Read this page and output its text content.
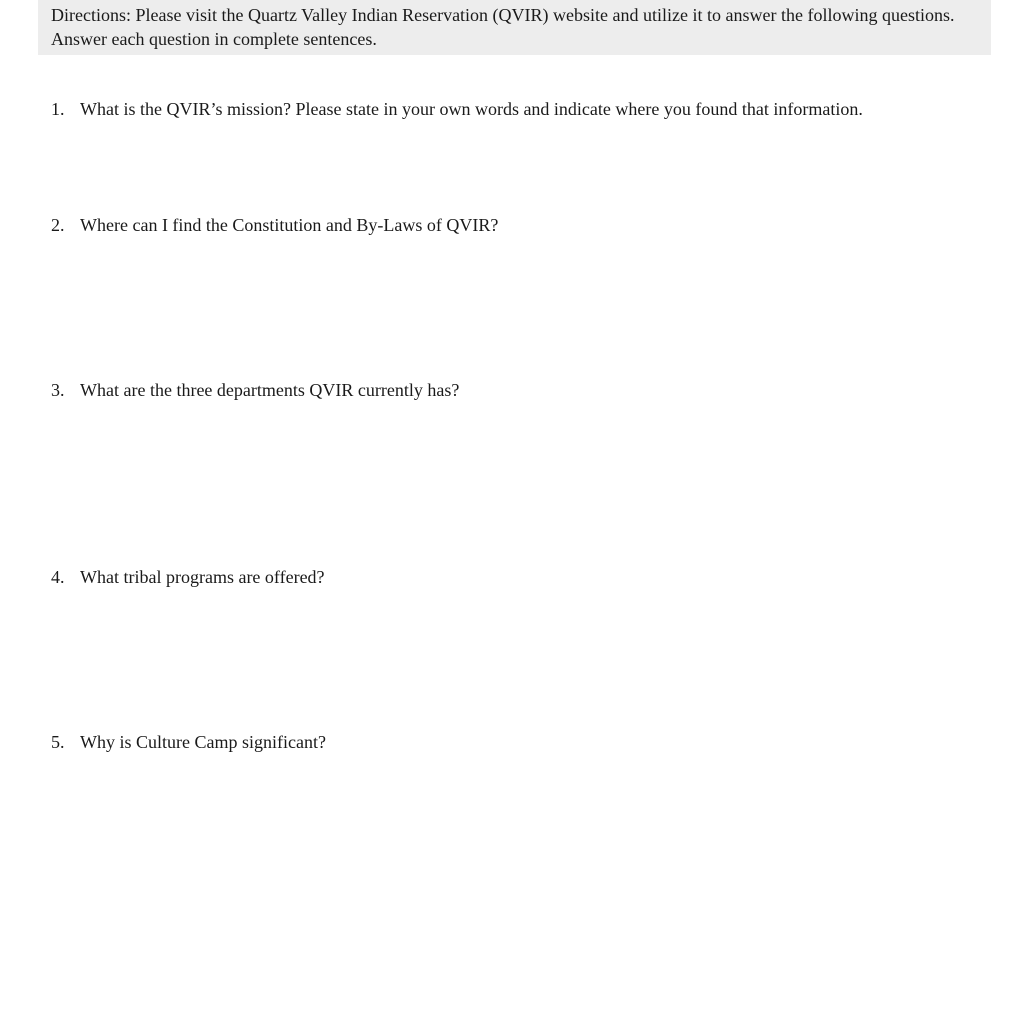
Directions: Please visit the Quartz Valley Indian Reservation (QVIR) website and utilize it to answer the following questions. Answer each question in complete sentences.
1. What is the QVIR’s mission? Please state in your own words and indicate where you found that information.
2. Where can I find the Constitution and By-Laws of QVIR?
3. What are the three departments QVIR currently has?
4. What tribal programs are offered?
5. Why is Culture Camp significant?
